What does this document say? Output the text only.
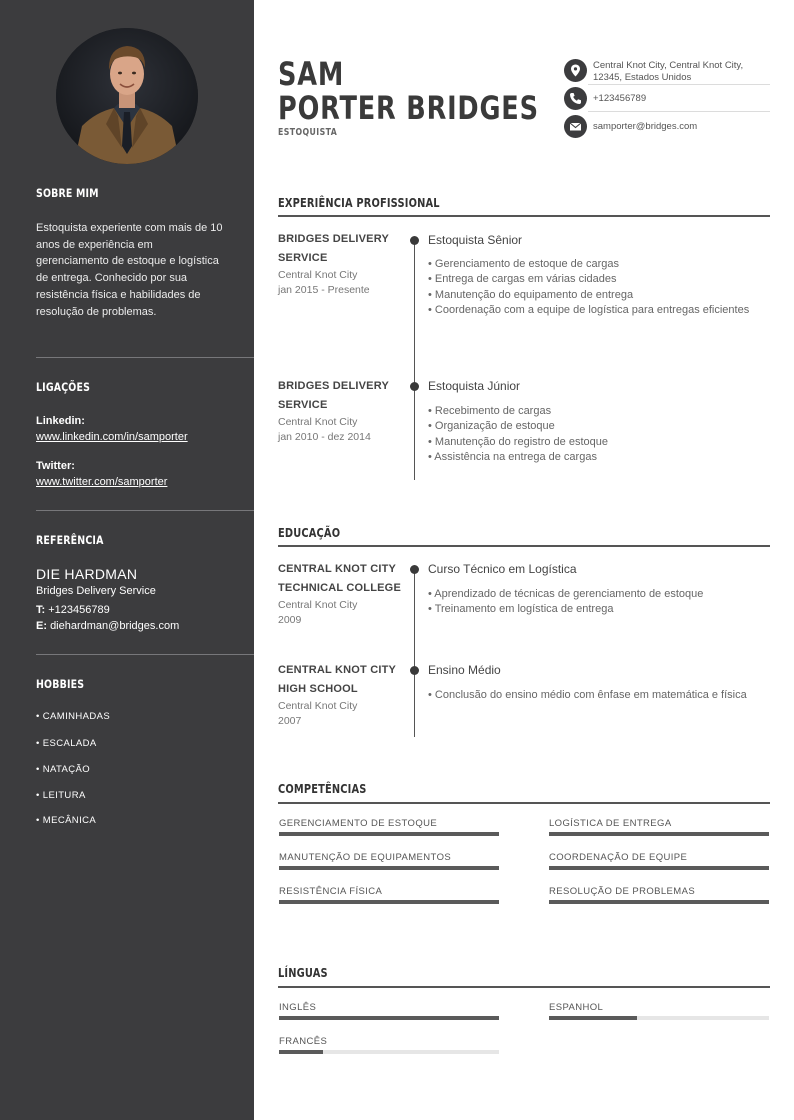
SOBRE MIM
Estoquista experiente com mais de 10 anos de experiência em gerenciamento de estoque e logística de entrega. Conhecido por sua resistência física e habilidades de resolução de problemas.
LIGAÇÕES
Linkedin:
www.linkedin.com/in/samporter
Twitter:
www.twitter.com/samporter
REFERÊNCIA
DIE HARDMAN
Bridges Delivery Service
T: +123456789
E: diehardman@bridges.com
HOBBIES
• CAMINHADAS
• ESCALADA
• NATAÇÃO
• LEITURA
• MECÂNICA
SAM
PORTER BRIDGES
ESTOQUISTA
Central Knot City, Central Knot City, 12345, Estados Unidos
+123456789
samporter@bridges.com
EXPERIÊNCIA PROFISSIONAL
BRIDGES DELIVERY
SERVICE
Central Knot City
jan 2015 - Presente
Estoquista Sênior
• Gerenciamento de estoque de cargas
• Entrega de cargas em várias cidades
• Manutenção do equipamento de entrega
• Coordenação com a equipe de logística para entregas eficientes
BRIDGES DELIVERY
SERVICE
Central Knot City
jan 2010 - dez 2014
Estoquista Júnior
• Recebimento de cargas
• Organização de estoque
• Manutenção do registro de estoque
• Assistência na entrega de cargas
EDUCAÇÃO
CENTRAL KNOT CITY
TECHNICAL COLLEGE
Central Knot City
2009
Curso Técnico em Logística
• Aprendizado de técnicas de gerenciamento de estoque
• Treinamento em logística de entrega
CENTRAL KNOT CITY
HIGH SCHOOL
Central Knot City
2007
Ensino Médio
• Conclusão do ensino médio com ênfase em matemática e física
COMPETÊNCIAS
GERENCIAMENTO DE ESTOQUE	LOGÍSTICA DE ENTREGA
MANUTENÇÃO DE EQUIPAMENTOS	COORDENAÇÃO DE EQUIPE
RESISTÊNCIA FÍSICA	RESOLUÇÃO DE PROBLEMAS
LÍNGUAS
INGLÊS	ESPANHOL
FRANCÊS
